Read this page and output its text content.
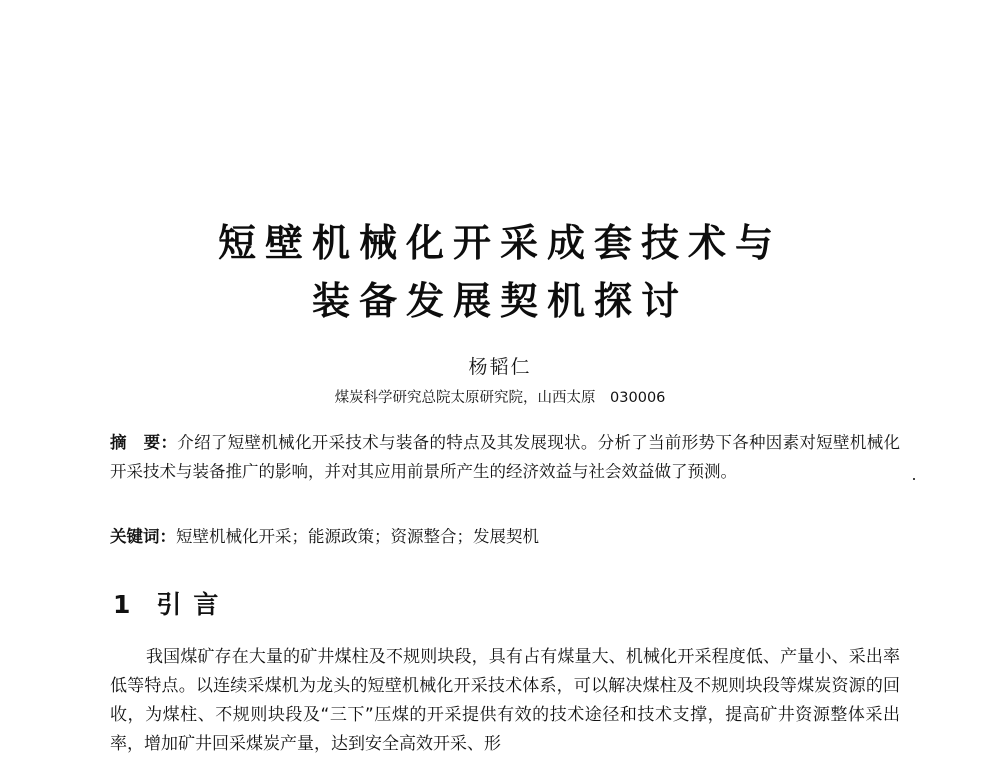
短壁机械化开采成套技术与
装备发展契机探讨
杨韬仁
煤炭科学研究总院太原研究院，山西太原　030006
摘　要：介绍了短壁机械化开采技术与装备的特点及其发展现状。分析了当前形势下各种因素对短壁机械化开采技术与装备推广的影响，并对其应用前景所产生的经济效益与社会效益做了预测。
关键词：短壁机械化开采；能源政策；资源整合；发展契机
1 引言

我国煤矿存在大量的矿井煤柱及不规则块段，具有占有煤量大、机械化开采程度低、产量小、采出率低等特点。以连续采煤机为龙头的短壁机械化开采技术体系，可以解决煤柱及不规则块段等煤炭资源的回收，为煤柱、不规则块段及“三下”压煤的开采提供有效的技术途径和技术支撑，提高矿井资源整体采出率，增加矿井回采煤炭产量，达到安全高效开采、形
